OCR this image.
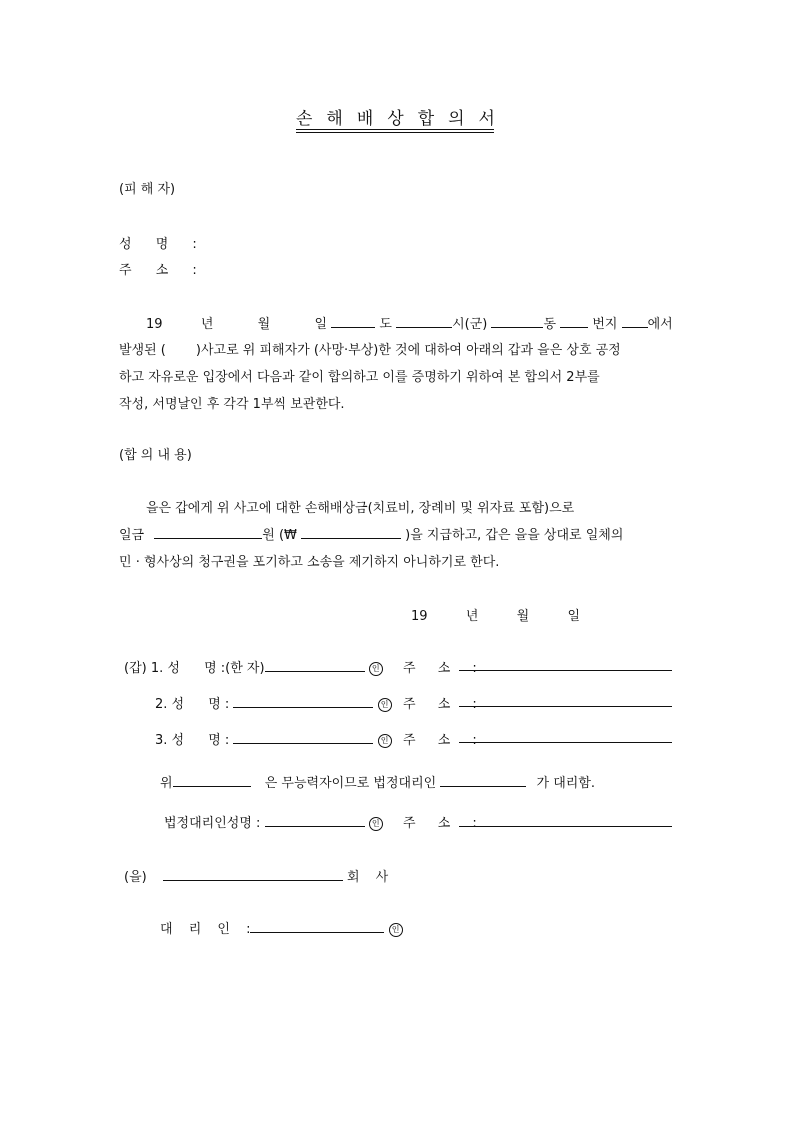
손해배상합의서
(피 해 자)
성 명 :
주 소 :
19	년	월	일	도	시(군)	동	번지 에서
발생된 ( )사고로 위 피해자가 (사망·부상)한 것에 대하여 아래의 갑과 을은 상호 공정
하고 자유로운 입장에서 다음과 같이 합의하고 이를 증명하기 위하여 본 합의서 2부를
작성, 서명날인 후 각각 1부씩 보관한다.
(합 의 내 용)
을은 갑에게 위 사고에 대한 손해배상금(치료비, 장례비 및 위자료 포함)으로
일금	원 (₩	)을 지급하고, 갑은 을을 상대로 일체의
민 · 형사상의 청구권을 포기하고 소송을 제기하지 아니하기로 한다.
19	년	월	일
(갑) 1. 성 명 :(한 자)	인 주 소 :
2. 성 명 :	인 주 소 :
3. 성 명 :	인 주 소 :
위	은 무능력자이므로 법정대리인	가 대리함.
법정대리인성명 :	인 주 소 :
(을)	회 사
대 리 인 :	인
